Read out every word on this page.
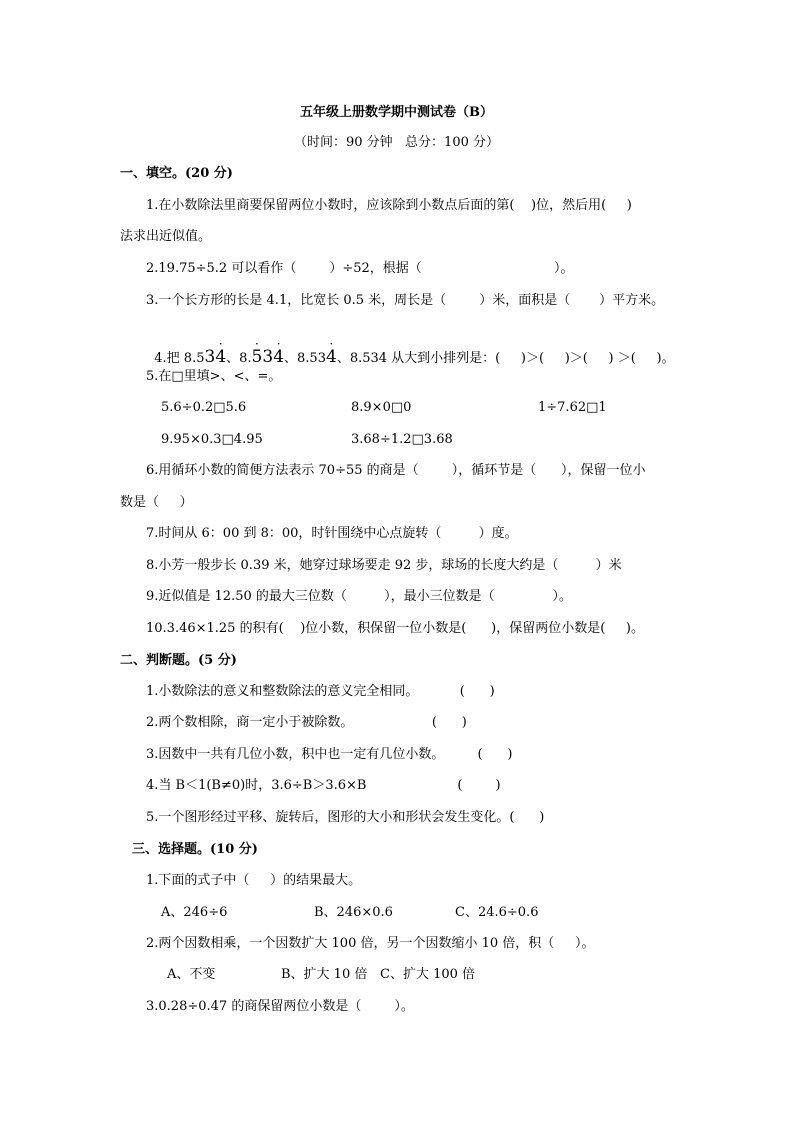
五年级上册数学期中测试卷（B）
（时间：90 分钟   总分：100 分）
一、填空。(20 分)
1.在小数除法里商要保留两位小数时，应该除到小数点后面的第(    )位，然后用(     )
法求出近似值。
2.19.75÷5.2 可以看作（        ）÷52，根据（                                ）。
3.一个长方形的长是 4.1，比宽长 0.5 米，周长是（        ）米，面积是（       ）平方米。

4.把 8.53· 4、8.· 53· 4、8.53· 4、8.534 从大到小排列是：(     )＞(     )＞(     ) ＞(     )。

5.在□里填>、<、=。
5.6÷0.2□5.6	8.9×0□0	1÷7.62□1
9.95×0.3□4.95	3.68÷1.2□3.68
6.用循环小数的简便方法表示 70÷55 的商是（        ），循环节是（      ），保留一位小
数是（     ）
7.时间从 6：00 到 8：00，时针围绕中心点旋转（         ）度。
8.小芳一般步长 0.39 米，她穿过球场要走 92 步，球场的长度大约是（         ）米
9.近似值是 12.50 的最大三位数（         ），最小三位数是（              ）。
10.3.46×1.25 的积有(    )位小数，积保留一位小数是(      )，保留两位小数是(     )。
二、判断题。(5 分)
1.小数除法的意义和整数除法的意义完全相同。          (      )
2.两个数相除，商一定小于被除数。                   (      )
3.因数中一共有几位小数，积中也一定有几位小数。        (      )
4.当 B＜1(B≠0)时，3.6÷B＞3.6×B                      (        )
5.一个图形经过平移、旋转后，图形的大小和形状会发生变化。(      )
三、选择题。(10 分)
1.下面的式子中（     ）的结果最大。
A、246÷6	B、246×0.6	C、24.6÷0.6
2.两个因数相乘，一个因数扩大 100 倍，另一个因数缩小 10 倍，积（     ）。
A、不变	B、扩大 10 倍 C、扩大 100 倍
3.0.28÷0.47 的商保留两位小数是（        ）。
